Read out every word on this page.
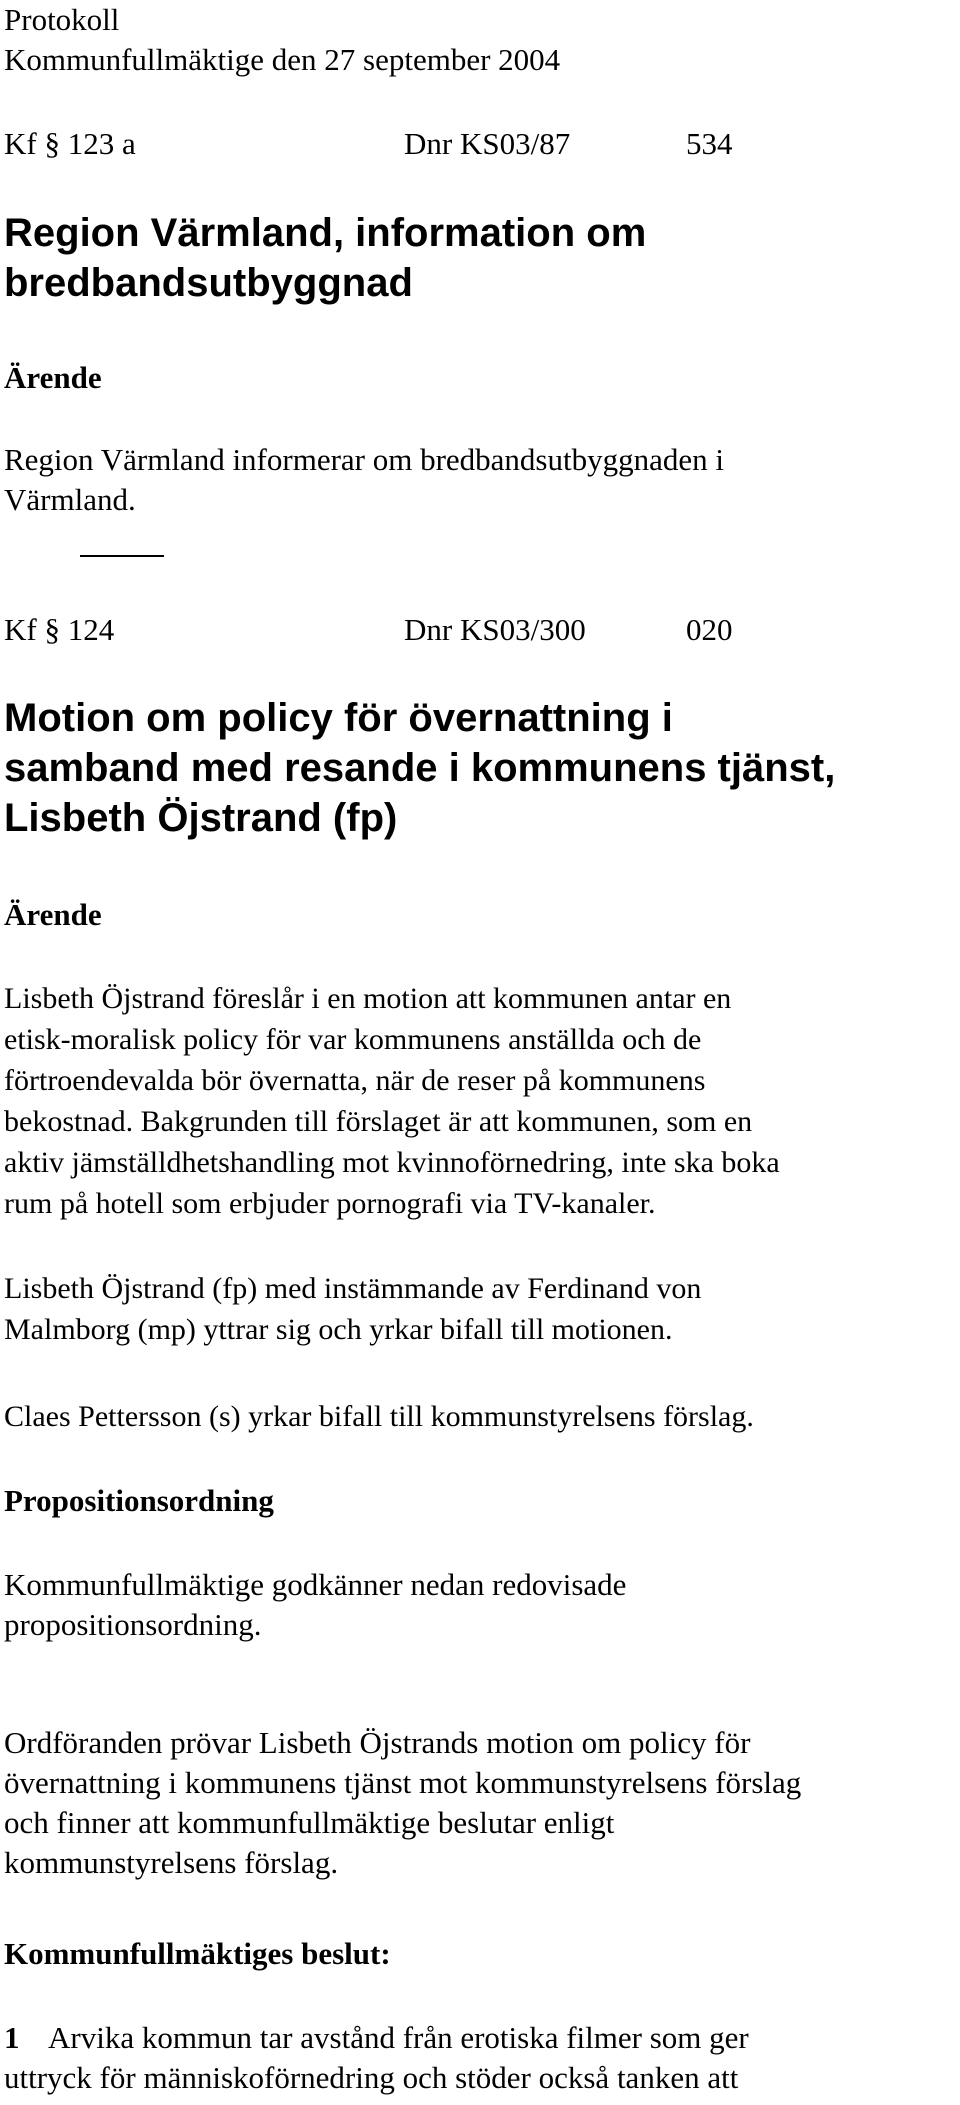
Protokoll

Kommunfullmäktige den 27 september 2004

Kf § 123 a	Dnr KS03/87	534

Region Värmland, information om
bredbandsutbyggnad

Ärende

Region Värmland informerar om bredbandsutbyggnaden i
Värmland.

Kf § 124	Dnr KS03/300	020

Motion om policy för övernattning i
samband med resande i kommunens tjänst,
Lisbeth Öjstrand (fp)

Ärende

Lisbeth Öjstrand föreslår i en motion att kommunen antar en
etisk-moralisk policy för var kommunens anställda och de
förtroendevalda bör övernatta, när de reser på kommunens
bekostnad. Bakgrunden till förslaget är att kommunen, som en
aktiv jämställdhetshandling mot kvinnoförnedring, inte ska boka
rum på hotell som erbjuder pornografi via TV-kanaler.
Lisbeth Öjstrand (fp) med instämmande av Ferdinand von
Malmborg (mp) yttrar sig och yrkar bifall till motionen.
Claes Pettersson (s) yrkar bifall till kommunstyrelsens förslag.

Propositionsordning

Kommunfullmäktige godkänner nedan redovisade
propositionsordning.
Ordföranden prövar Lisbeth Öjstrands motion om policy för
övernattning i kommunens tjänst mot kommunstyrelsens förslag
och finner att kommunfullmäktige beslutar enligt
kommunstyrelsens förslag.

Kommunfullmäktiges beslut:

1 Arvika kommun tar avstånd från erotiska filmer som ger
uttryck för människoförnedring och stöder också tanken att
